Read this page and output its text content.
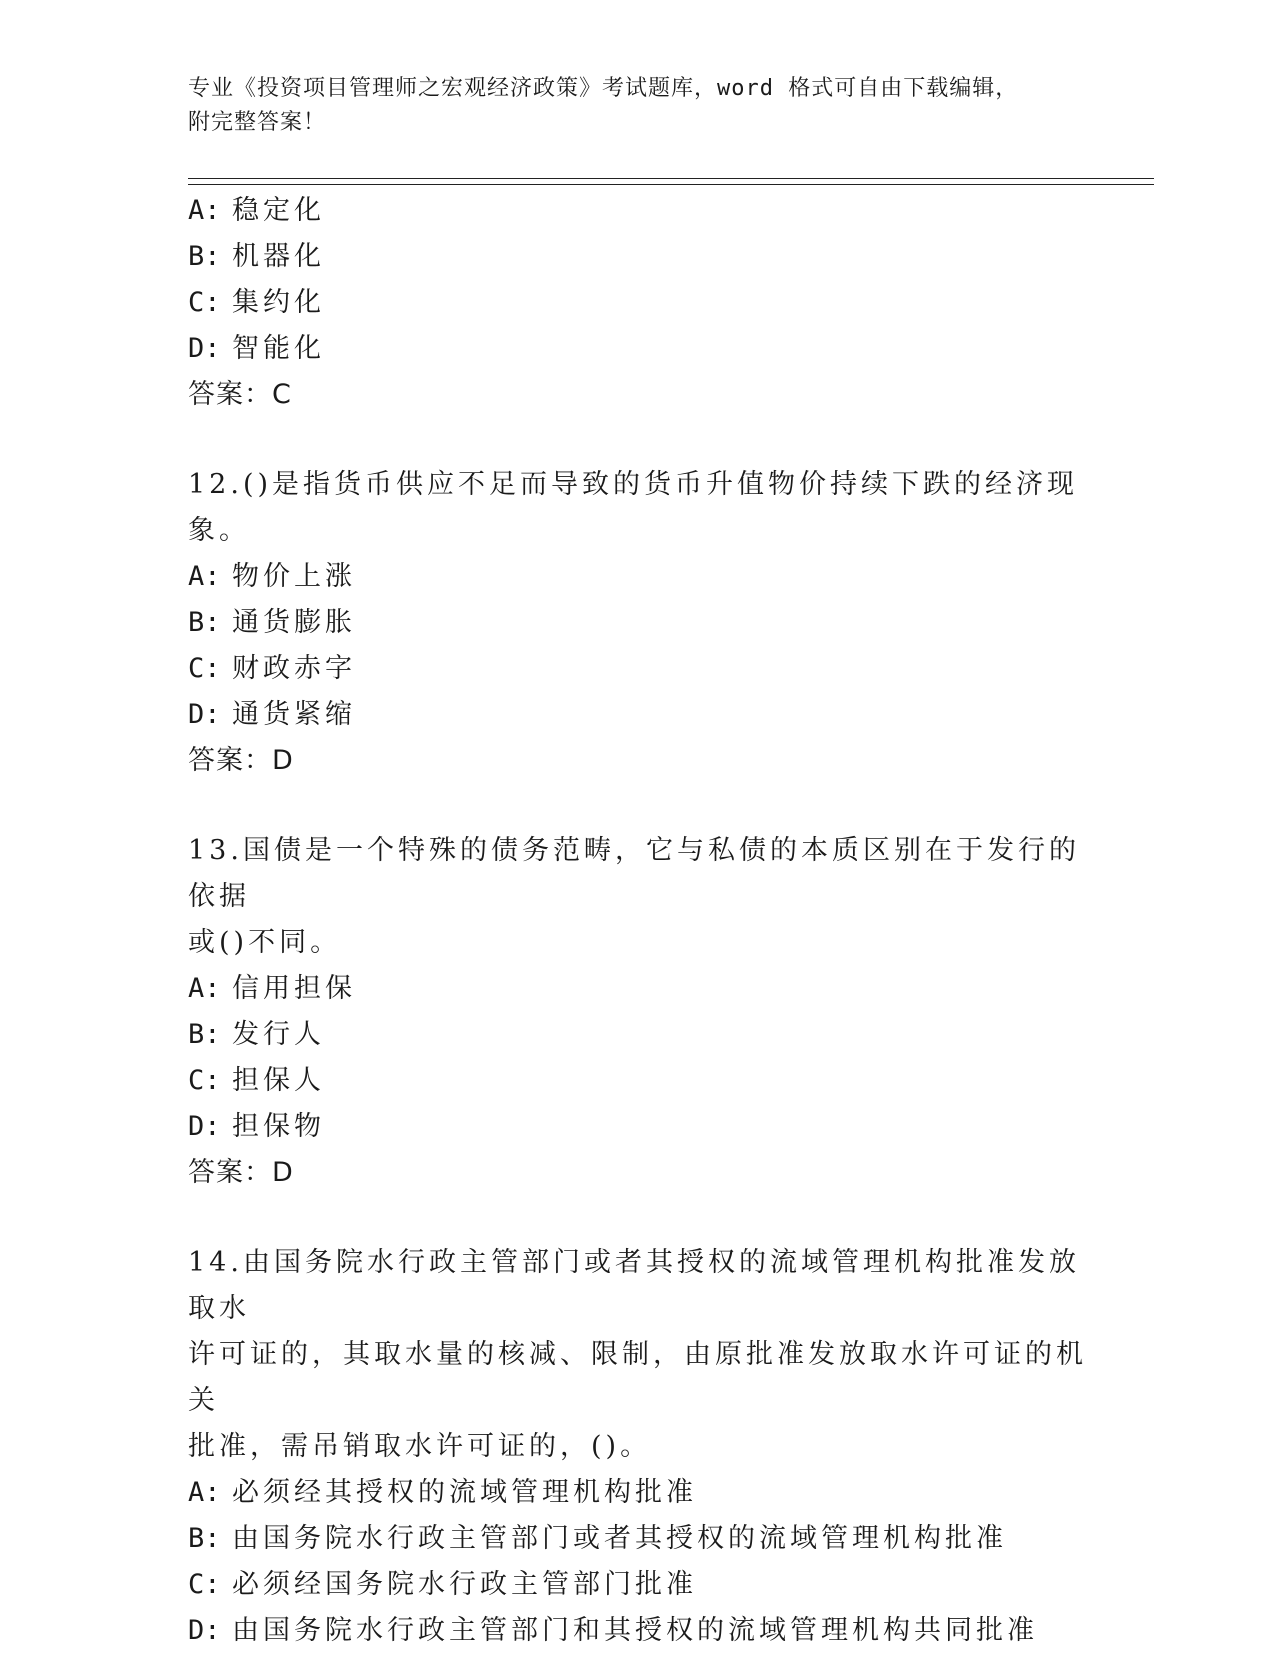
专业《投资项目管理师之宏观经济政策》考试题库，word 格式可自由下载编辑，
附完整答案！
A: 稳定化
B: 机器化
C: 集约化
D: 智能化
答案：C
12.()是指货币供应不足而导致的货币升值物价持续下跌的经济现象。
A: 物价上涨
B: 通货膨胀
C: 财政赤字
D: 通货紧缩
答案：D
13.国债是一个特殊的债务范畴，它与私债的本质区别在于发行的依据
或()不同。
A: 信用担保
B: 发行人
C: 担保人
D: 担保物
答案：D
14.由国务院水行政主管部门或者其授权的流域管理机构批准发放取水
许可证的，其取水量的核减、限制，由原批准发放取水许可证的机关
批准，需吊销取水许可证的，()。
A: 必须经其授权的流域管理机构批准
B: 由国务院水行政主管部门或者其授权的流域管理机构批准
C: 必须经国务院水行政主管部门批准
D: 由国务院水行政主管部门和其授权的流域管理机构共同批准
